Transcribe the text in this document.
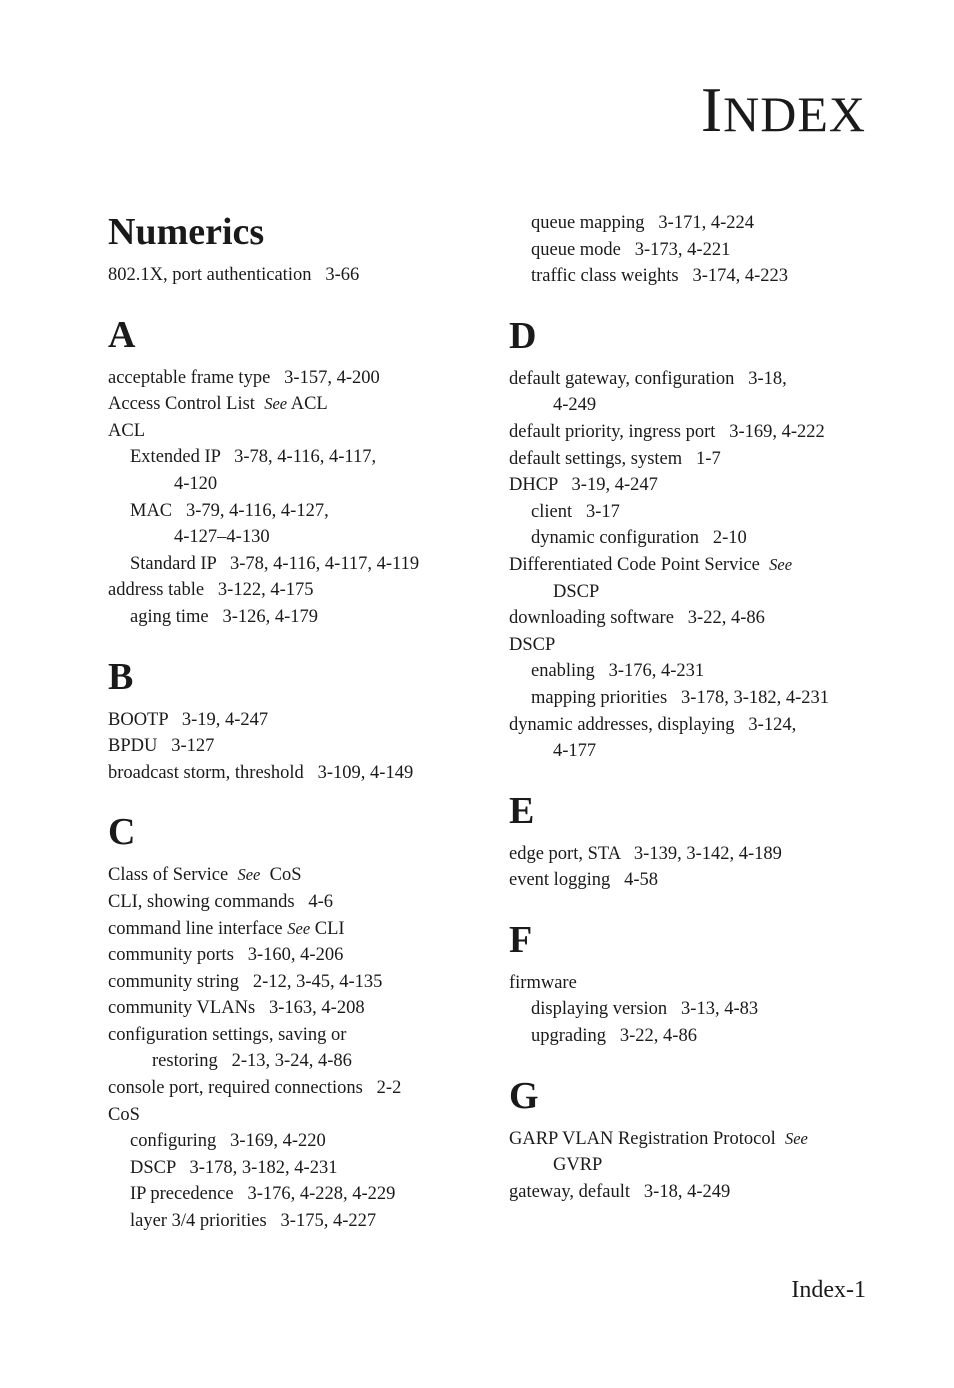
INDEX
Numerics
802.1X, port authentication   3-66
A
acceptable frame type   3-157, 4-200
Access Control List  See ACL
ACL
Extended IP   3-78, 4-116, 4-117,
4-120
MAC   3-79, 4-116, 4-127,
4-127–4-130
Standard IP   3-78, 4-116, 4-117, 4-119
address table   3-122, 4-175
aging time   3-126, 4-179
B
BOOTP   3-19, 4-247
BPDU   3-127
broadcast storm, threshold   3-109, 4-149
C
Class of Service  See  CoS
CLI, showing commands   4-6
command line interface See CLI
community ports   3-160, 4-206
community string   2-12, 3-45, 4-135
community VLANs   3-163, 4-208
configuration settings, saving or
restoring   2-13, 3-24, 4-86
console port, required connections   2-2
CoS
configuring   3-169, 4-220
DSCP   3-178, 3-182, 4-231
IP precedence   3-176, 4-228, 4-229
layer 3/4 priorities   3-175, 4-227
queue mapping   3-171, 4-224
queue mode   3-173, 4-221
traffic class weights   3-174, 4-223
D
default gateway, configuration   3-18,
4-249
default priority, ingress port   3-169, 4-222
default settings, system   1-7
DHCP   3-19, 4-247
client   3-17
dynamic configuration   2-10
Differentiated Code Point Service  See
DSCP
downloading software   3-22, 4-86
DSCP
enabling   3-176, 4-231
mapping priorities   3-178, 3-182, 4-231
dynamic addresses, displaying   3-124,
4-177
E
edge port, STA   3-139, 3-142, 4-189
event logging   4-58
F
firmware
displaying version   3-13, 4-83
upgrading   3-22, 4-86
G
GARP VLAN Registration Protocol  See
GVRP
gateway, default   3-18, 4-249
Index-1
